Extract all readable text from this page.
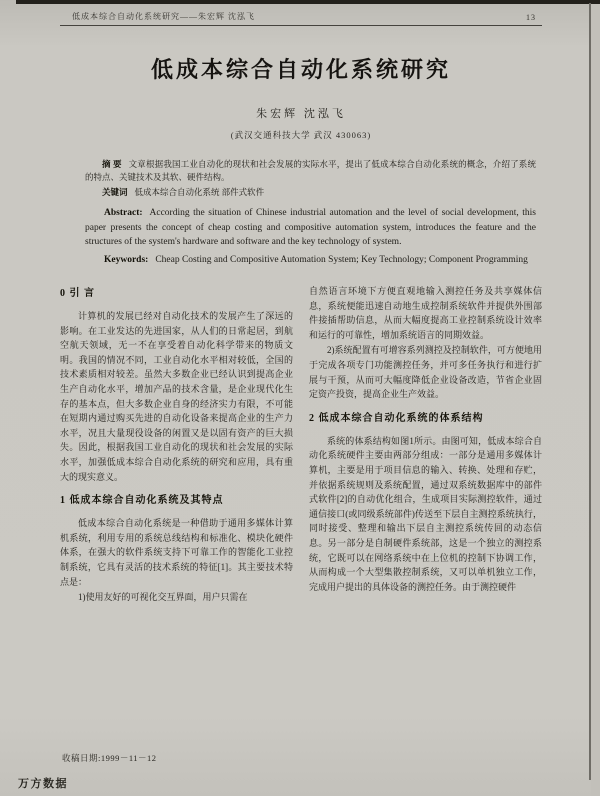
低成本综合自动化系统研究——朱宏辉 沈泓飞	13
低成本综合自动化系统研究
朱宏辉 沈泓飞
(武汉交通科技大学 武汉 430063)

摘 要 文章根据我国工业自动化的现状和社会发展的实际水平，提出了低成本综合自动化系统的概念，介绍了系统的特点、关键技术及其软、硬件结构。

关键词 低成本综合自动化系统 部件式软件

Abstract: According the situation of Chinese industrial automation and the level of social development, this paper presents the concept of cheap costing and compositive automation system, introduces the feature and the structures of the system's hardware and software and the key technology of system.

Keywords: Cheap Costing and Compositive Automation System; Key Technology; Component Programming

0 引 言

计算机的发展已经对自动化技术的发展产生了深远的影响。在工业发达的先进国家，从人们的日常起居，到航空航天领域，无一不在享受着自动化科学带来的物质文明。我国的情况不同，工业自动化水平相对较低，全国的技术素质相对较差。虽然大多数企业已经认识到提高企业生产自动化水平，增加产品的技术含量，是企业现代化生存的基本点，但大多数企业自身的经济实力有限，不可能在短期内通过购买先进的自动化设备来提高企业的生产力水平，况且大量现役设备的闲置又是以固有资产的巨大损失。因此，根据我国工业自动化的现状和社会发展的实际水平，加强低成本综合自动化系统的研究和应用，具有重大的现实意义。

1 低成本综合自动化系统及其特点

低成本综合自动化系统是一种借助于通用多媒体计算机系统，利用专用的系统总线结构和标准化、模块化硬件体系，在强大的软件系统支持下可靠工作的智能化工业控制系统，它具有灵活的技术系统的特征[1]。其主要技术特点是：

1)使用友好的可视化交互界面，用户只需在

自然语言环境下方便直观地输入测控任务及共享媒体信息，系统便能迅速自动地生成控制系统软件并提供外围部件接插帮助信息，从而大幅度提高工业控制系统设计效率和运行的可靠性，增加系统语言的同期效益。

2)系统配置有可增容系列测控及控制软件，可方便地用于完成各项专门功能测控任务，并可多任务执行和进行扩展与干预，从而可大幅度降低企业设备改造，节省企业固定资产投资，提高企业生产效益。

2 低成本综合自动化系统的体系结构

系统的体系结构如图1所示。由图可知，低成本综合自动化系统硬件主要由两部分组成：一部分是通用多媒体计算机，主要是用于项目信息的输入、转换、处理和存贮，并依据系统规则及系统配置，通过双系统数据库中的部件式软件[2]的自动优化组合，生成项目实际测控软件，通过通信接口(或同级系统部件)传送至下层自主测控系统执行，同时接受、整理和输出下层自主测控系统传回的动态信息。另一部分是自制硬件系统部，这是一个独立的测控系统，它既可以在网络系统中在上位机的控制下协调工作，从而构成一个大型集散控制系统，又可以单机独立工作，完成用户提出的具体设备的测控任务。由于测控硬件

收稿日期:1999－11－12
万方数据
